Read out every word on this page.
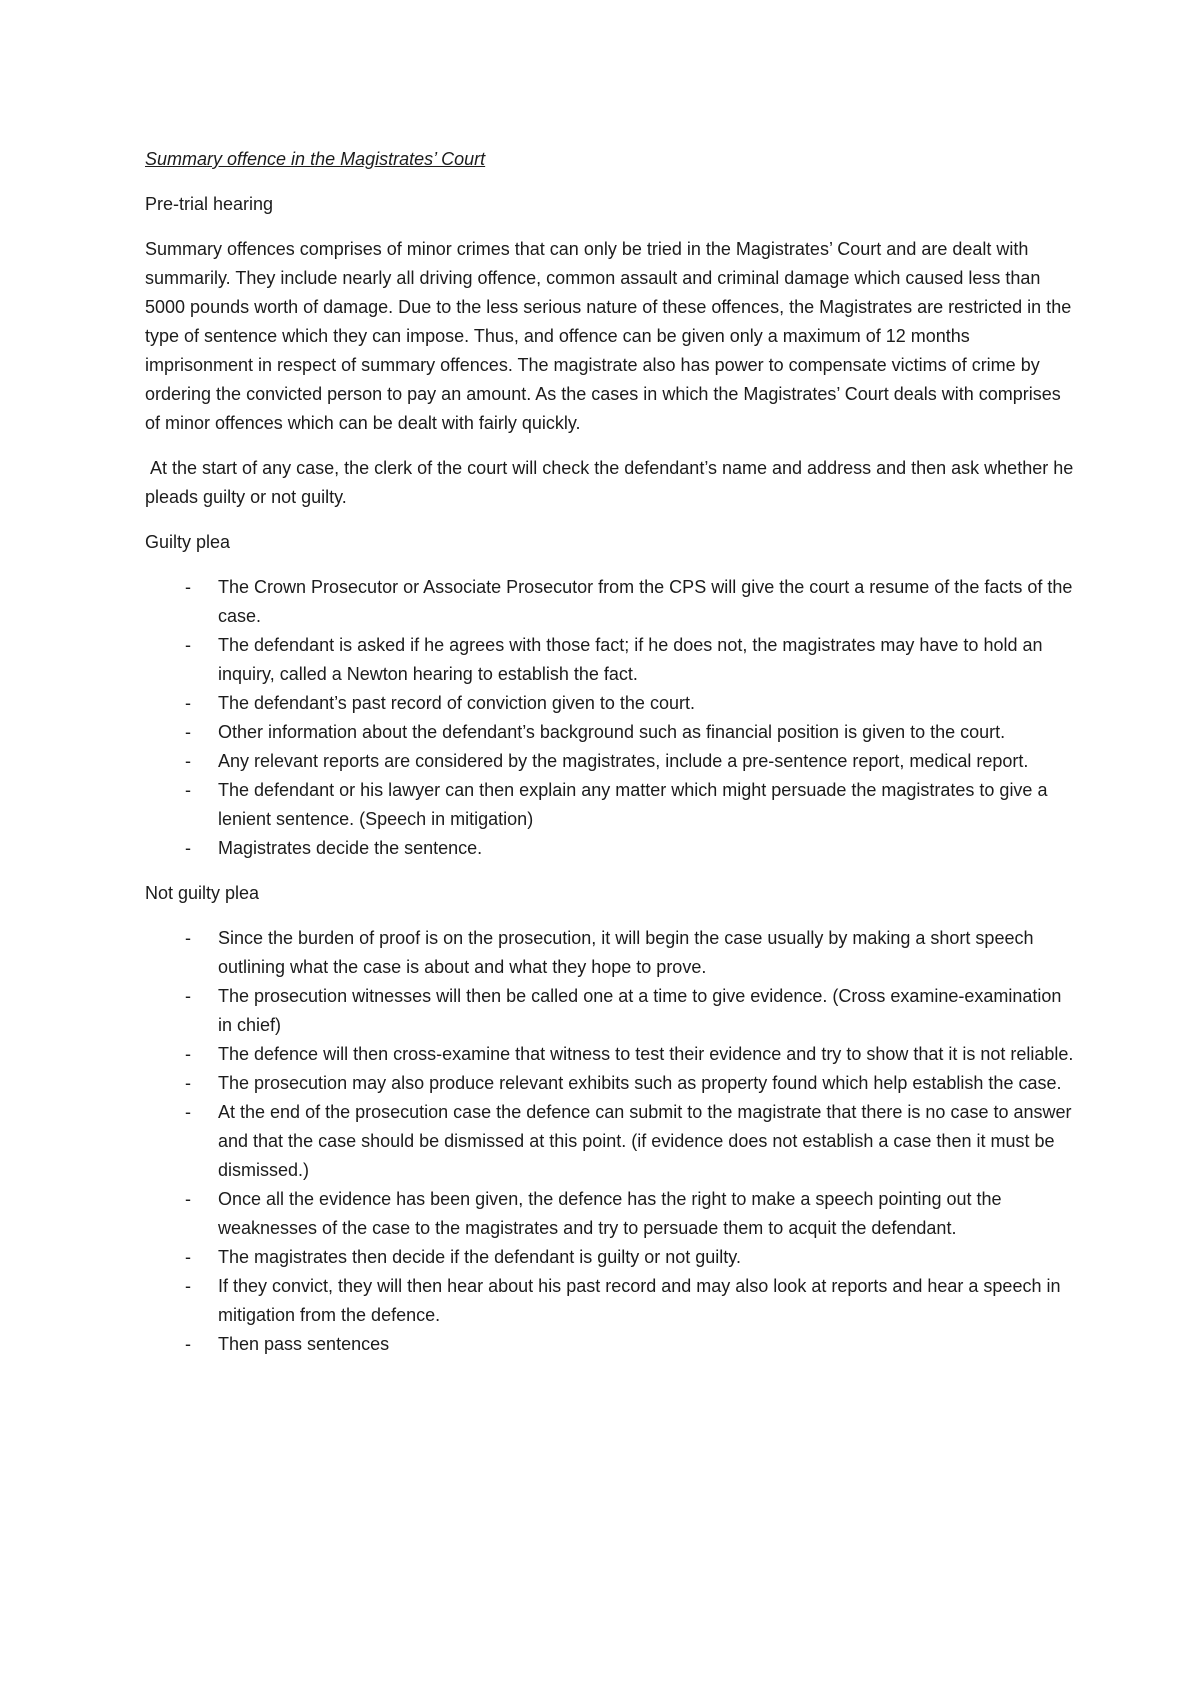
Summary offence in the Magistrates’ Court
Pre-trial hearing

Summary offences comprises of minor crimes that can only be tried in the Magistrates’ Court and are dealt with summarily. They include nearly all driving offence, common assault and criminal damage which caused less than 5000 pounds worth of damage. Due to the less serious nature of these offences, the Magistrates are restricted in the type of sentence which they can impose. Thus, and offence can be given only a maximum of 12 months imprisonment in respect of summary offences. The magistrate also has power to compensate victims of crime by ordering the convicted person to pay an amount. As the cases in which the Magistrates’ Court deals with comprises of minor offences which can be dealt with fairly quickly.

At the start of any case, the clerk of the court will check the defendant’s name and address and then ask whether he pleads guilty or not guilty.

Guilty plea
- The Crown Prosecutor or Associate Prosecutor from the CPS will give the court a resume of the facts of the case.
- The defendant is asked if he agrees with those fact; if he does not, the magistrates may have to hold an inquiry, called a Newton hearing to establish the fact.
- The defendant’s past record of conviction given to the court.
- Other information about the defendant’s background such as financial position is given to the court.
- Any relevant reports are considered by the magistrates, include a pre-sentence report, medical report.
- The defendant or his lawyer can then explain any matter which might persuade the magistrates to give a lenient sentence. (Speech in mitigation)
- Magistrates decide the sentence.
Not guilty plea
- Since the burden of proof is on the prosecution, it will begin the case usually by making a short speech outlining what the case is about and what they hope to prove.
- The prosecution witnesses will then be called one at a time to give evidence. (Cross examine-examination in chief)
- The defence will then cross-examine that witness to test their evidence and try to show that it is not reliable.
- The prosecution may also produce relevant exhibits such as property found which help establish the case.
- At the end of the prosecution case the defence can submit to the magistrate that there is no case to answer and that the case should be dismissed at this point. (if evidence does not establish a case then it must be dismissed.)
- Once all the evidence has been given, the defence has the right to make a speech pointing out the weaknesses of the case to the magistrates and try to persuade them to acquit the defendant.
- The magistrates then decide if the defendant is guilty or not guilty.
- If they convict, they will then hear about his past record and may also look at reports and hear a speech in mitigation from the defence.
- Then pass sentences
